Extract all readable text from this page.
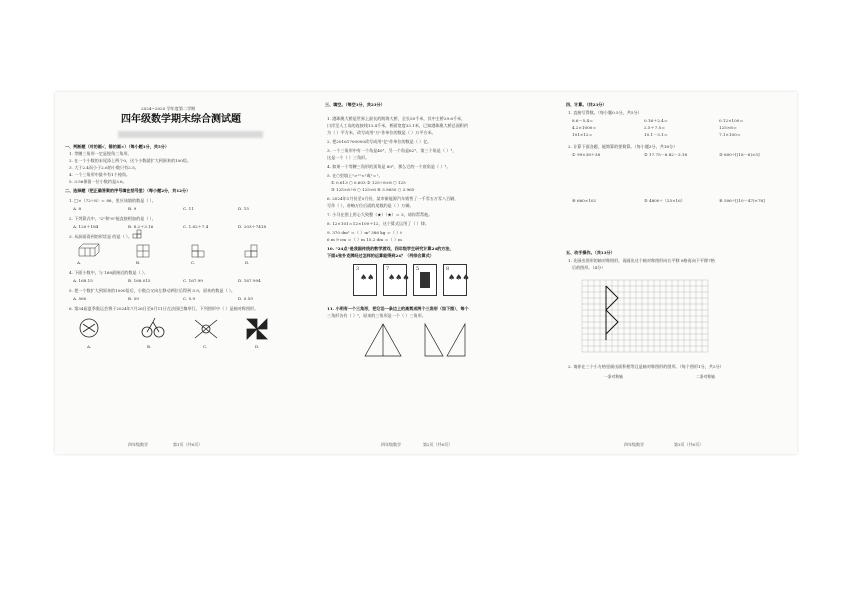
2024~2025 学年度第二学期
四年级数学期末综合测试题
一、判断题（对的画√，错的画×）（每小题1分，共5分）
1. 等腰三角形一定是锐角三角形。
2. 在一个小数的末尾添上两个0，这个小数就扩大到原来的100倍。
3. 大于2.4而小于2.6的小数只有2.5。
4. 一个三角形中最多有1个钝角。
5. 3.56保留一位小数约是3.6。
二、选择题（把正确答案的序号填在括号里）（每小题2分，共12分）
1. □×（72÷8）＝ 88，里应该填的数是（ ）。
A. 8	B. 9	C. 11	D. 15
2. 下列算式中，"2"和"8"能直接相加的是（ ）。
A. 120＋184	B. 8.2＋3.16	C. 1.82＋7.4	D. 203＋7418
3. 从前面看到的形状是 的是（ ）。
A.	B.	C.	D.
4. 下面小数中，与 168最接近的数是（ ）。
A. 168.15	B. 168.015	C. 167.99	D. 167.994
5. 把一个数扩大到原来的1000倍后，小数点又向左移动两位后得到 5.9，原来的数是（ ）。
A. 560	B. 59	C. 5.9	D. 0.59
6. 第34届夏季奥运会将于2024年7月26日至8月11日在法国巴黎举行，下列图形中（ ）是轴对称图形。
A.	B.	C.	D.
四年级数学	第1页（共6页）
三、填空。（每空1分，共23分）
1. 港珠澳大桥是世界上最长的跨海大桥，全长55千米，其中主桥29.6千米，
口岸至人工岛的连接线13.4千米，桥面宽度33.1米，已知港珠澳大桥总面积约
为（ ）平方米，改写成用"万"作单位的数是（ ）万平方米。
2. 把20161700000改写成用"亿"作单位的数是（ ）亿。
3. 一个三角形中有一个角是40°，另一个角是62°，第三个角是（ ）°，
这是一个（ ）三角形。
4. 如果一个等腰三角形的顶角是 80°，那么它的一个底角是（ ）°。
5. 在○里填上">""<"或"＝"。
① 0.613 ○ 0.603 ② 125÷8×8 ○ 125
③ 125×8÷8 ○ 125×8 ④ 3.9650 ○ 3.965
6. 2024年1月份至5月份，某市新能源汽车销售了一千零五万零八百辆，
写作（ ），省略万位后面的尾数约是（ ）万辆。
7. 小马在图上用心大致整（★）（★）＝ 3，请你帮帮他。
8. 12×101＝12×100＋12，这个算式运用了（ ）律。
9. 370 dm² ＝（ ）m² 386 kg ＝（ ）t
6 m 9 cm ＝（ ）m 15.2 dm ＝（ ）m
10. "24点"是我国传统的数学游戏，四年级学生研究计算24的方法，
下面4张扑克牌经过怎样的运算能得到24？（列综合算式）
3
♠♠
7
♠♠♠
5	8
♠♠♠
11. 小明有一个三角形，把它沿一条边上的高剪成两个三角形（如下图），每个
三角形各有（ ）°，原来的三角形是一个（ ）三角形。
四年级数学	第2页（共6页）
四、计算。（共23分）
1. 直接写得数。（每小题0.5分，共5分）
8.6－5.4＝	0.16＋2.4＝	0.12×100＝
4.2×1000＝	2.5＋7.5＝	125×8＝
101×12＝	10.1－3.1＝	7.1×100＝
2. 计算下面各题，能简算的要简算。（每小题3分，共18分）
① 99×38＋38	② 17.75－6.82－3.18	③ 600÷[(18－6)×5]
④ 660×102	⑤ 4800÷（25×16）	⑥ 506÷[(10－47)×78]
五、动手操作。（共13分）
1. 先画出图形的轴对称图形，再画出这个轴对称图形向右平移 8格再向下平移7格
后的图形。（4分）
2. 请你在三个小方格里画出面积相等且是轴对称图形的图形。（每个图形1分，共2分）
一条对称轴	二条对称轴
四年级数学	第3页（共6页）
